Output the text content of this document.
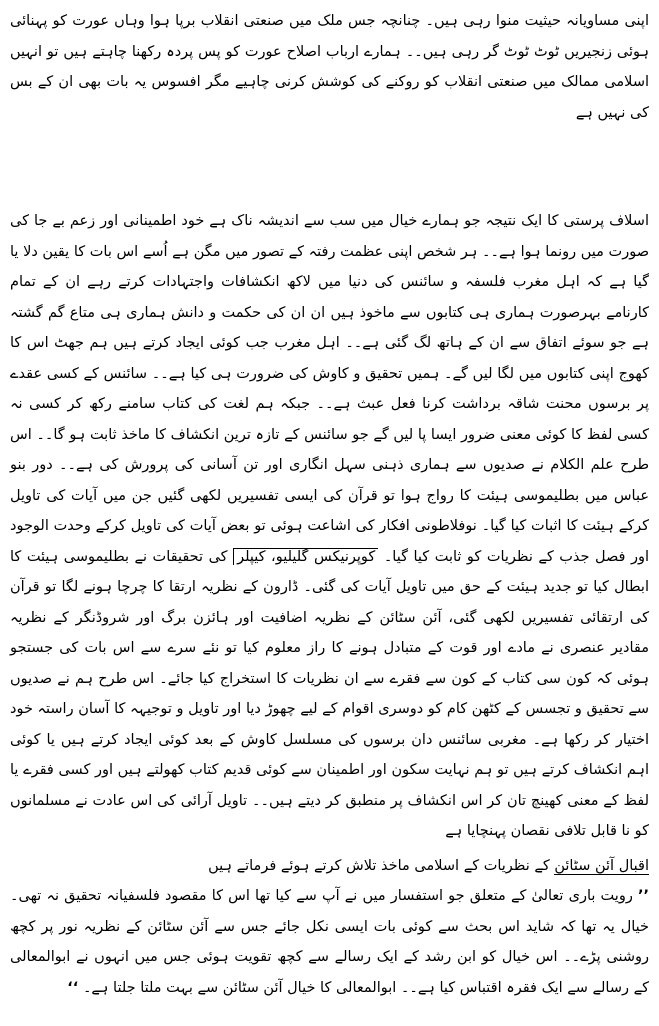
اپنی مساویانہ حیثیت منوا رہی ہیں۔ چنانچہ جس ملک میں صنعتی انقلاب برپا ہوا وہاں عورت کو پہنائی ہوئی زنجیریں ٹوٹ ٹوٹ گر رہی ہیں۔۔ ہمارے ارباب اصلاح عورت کو پس پردہ رکھنا چاہتے ہیں تو انہیں اسلامی ممالک میں صنعتی انقلاب کو روکنے کی کوشش کرنی چاہیے مگر افسوس یہ بات بھی ان کے بس کی نہیں ہے
اسلاف پرستی کا ایک نتیجہ جو ہمارے خیال میں سب سے اندیشہ ناک ہے خود اطمینانی اور زعم بے جا کی صورت میں رونما ہوا ہے۔۔ ہر شخص اپنی عظمت رفتہ کے تصور میں مگن ہے اُسے اس بات کا یقین دلا یا گیا ہے کہ اہل مغرب فلسفہ و سائنس کی دنیا میں لاکھ انکشافات واجتہادات کرتے رہے ان کے تمام کارنامے بہرصورت ہماری ہی کتابوں سے ماخوذ ہیں ان ان کی حکمت و دانش ہماری ہی متاع گم گشتہ ہے جو سوئے اتفاق سے ان کے ہاتھ لگ گئی ہے۔۔ اہل مغرب جب کوئی ایجاد کرتے ہیں ہم جھٹ اس کا کھوج اپنی کتابوں میں لگا لیں گے۔ ہمیں تحقیق و کاوش کی ضرورت ہی کیا ہے۔۔ سائنس کے کسی عقدے پر برسوں محنت شاقہ برداشت کرنا فعل عبث ہے۔۔ جبکہ ہم لغت کی کتاب سامنے رکھ کر کسی نہ کسی لفظ کا کوئی معنی ضرور ایسا پا لیں گے جو سائنس کے تازہ ترین انکشاف کا ماخذ ثابت ہو گا۔۔ اس طرح علم الکلام نے صدیوں سے ہماری ذہنی سہل انگاری اور تن آسانی کی پرورش کی ہے۔۔ دور بنو عباس میں بطلیموسی ہیئت کا رواج ہوا تو قرآن کی ایسی تفسیریں لکھی گئیں جن میں آیات کی تاویل کرکے ہیئت کا اثبات کیا گیا۔ نوفلاطونی افکار کی اشاعت ہوئی تو بعض آیات کی تاویل کرکے وحدت الوجود اور فصل جذب کے نظریات کو ثابت کیا گیا۔ کوپرنیکس گلیلیو، کیپلر کی تحقیقات نے بطلیموسی ہیئت کا ابطال کیا تو جدید ہیئت کے حق میں تاویل آیات کی گئی۔ ڈارون کے نظریہ ارتقا کا چرچا ہونے لگا تو قرآن کی ارتقائی تفسیریں لکھی گئی، آئن سٹائن کے نظریہ اضافیت اور ہائزن برگ اور شروڈنگر کے نظریہ مقادیر عنصری نے مادے اور قوت کے متبادل ہونے کا راز معلوم کیا تو نئے سرے سے اس بات کی جستجو ہوئی کہ کون سی کتاب کے کون سے فقرے سے ان نظریات کا استخراج کیا جائے۔ اس طرح ہم نے صدیوں سے تحقیق و تجسس کے کٹھن کام کو دوسری اقوام کے لیے چھوڑ دیا اور تاویل و توجیہہ کا آسان راستہ خود اختیار کر رکھا ہے۔ مغربی سائنس دان برسوں کی مسلسل کاوش کے بعد کوئی ایجاد کرتے ہیں یا کوئی اہم انکشاف کرتے ہیں تو ہم نہایت سکون اور اطمینان سے کوئی قدیم کتاب کھولتے ہیں اور کسی فقرے یا لفظ کے معنی کھینچ تان کر اس انکشاف پر منطبق کر دیتے ہیں۔۔ تاویل آرائی کی اس عادت نے مسلمانوں کو نا قابل تلافی نقصان پہنچایا ہے
اقبال آئن سٹائن کے نظریات کے اسلامی ماخذ تلاش کرتے ہوئے فرماتے ہیں
’’ رویت باری تعالیٰ کے متعلق جو استفسار میں نے آپ سے کیا تھا اس کا مقصود فلسفیانہ تحقیق نہ تھی۔ خیال یہ تھا کہ شاید اس بحث سے کوئی بات ایسی نکل جائے جس سے آئن سٹائن کے نظریہ نور پر کچھ روشنی پڑے۔۔ اس خیال کو ابن رشد کے ایک رسالے سے کچھ تقویت ہوئی جس میں انہوں نے ابوالمعالی کے رسالے سے ایک فقرہ اقتباس کیا ہے۔۔ ابوالمعالی کا خیال آئن سٹائن سے بہت ملتا جلتا ہے۔ ‘‘
